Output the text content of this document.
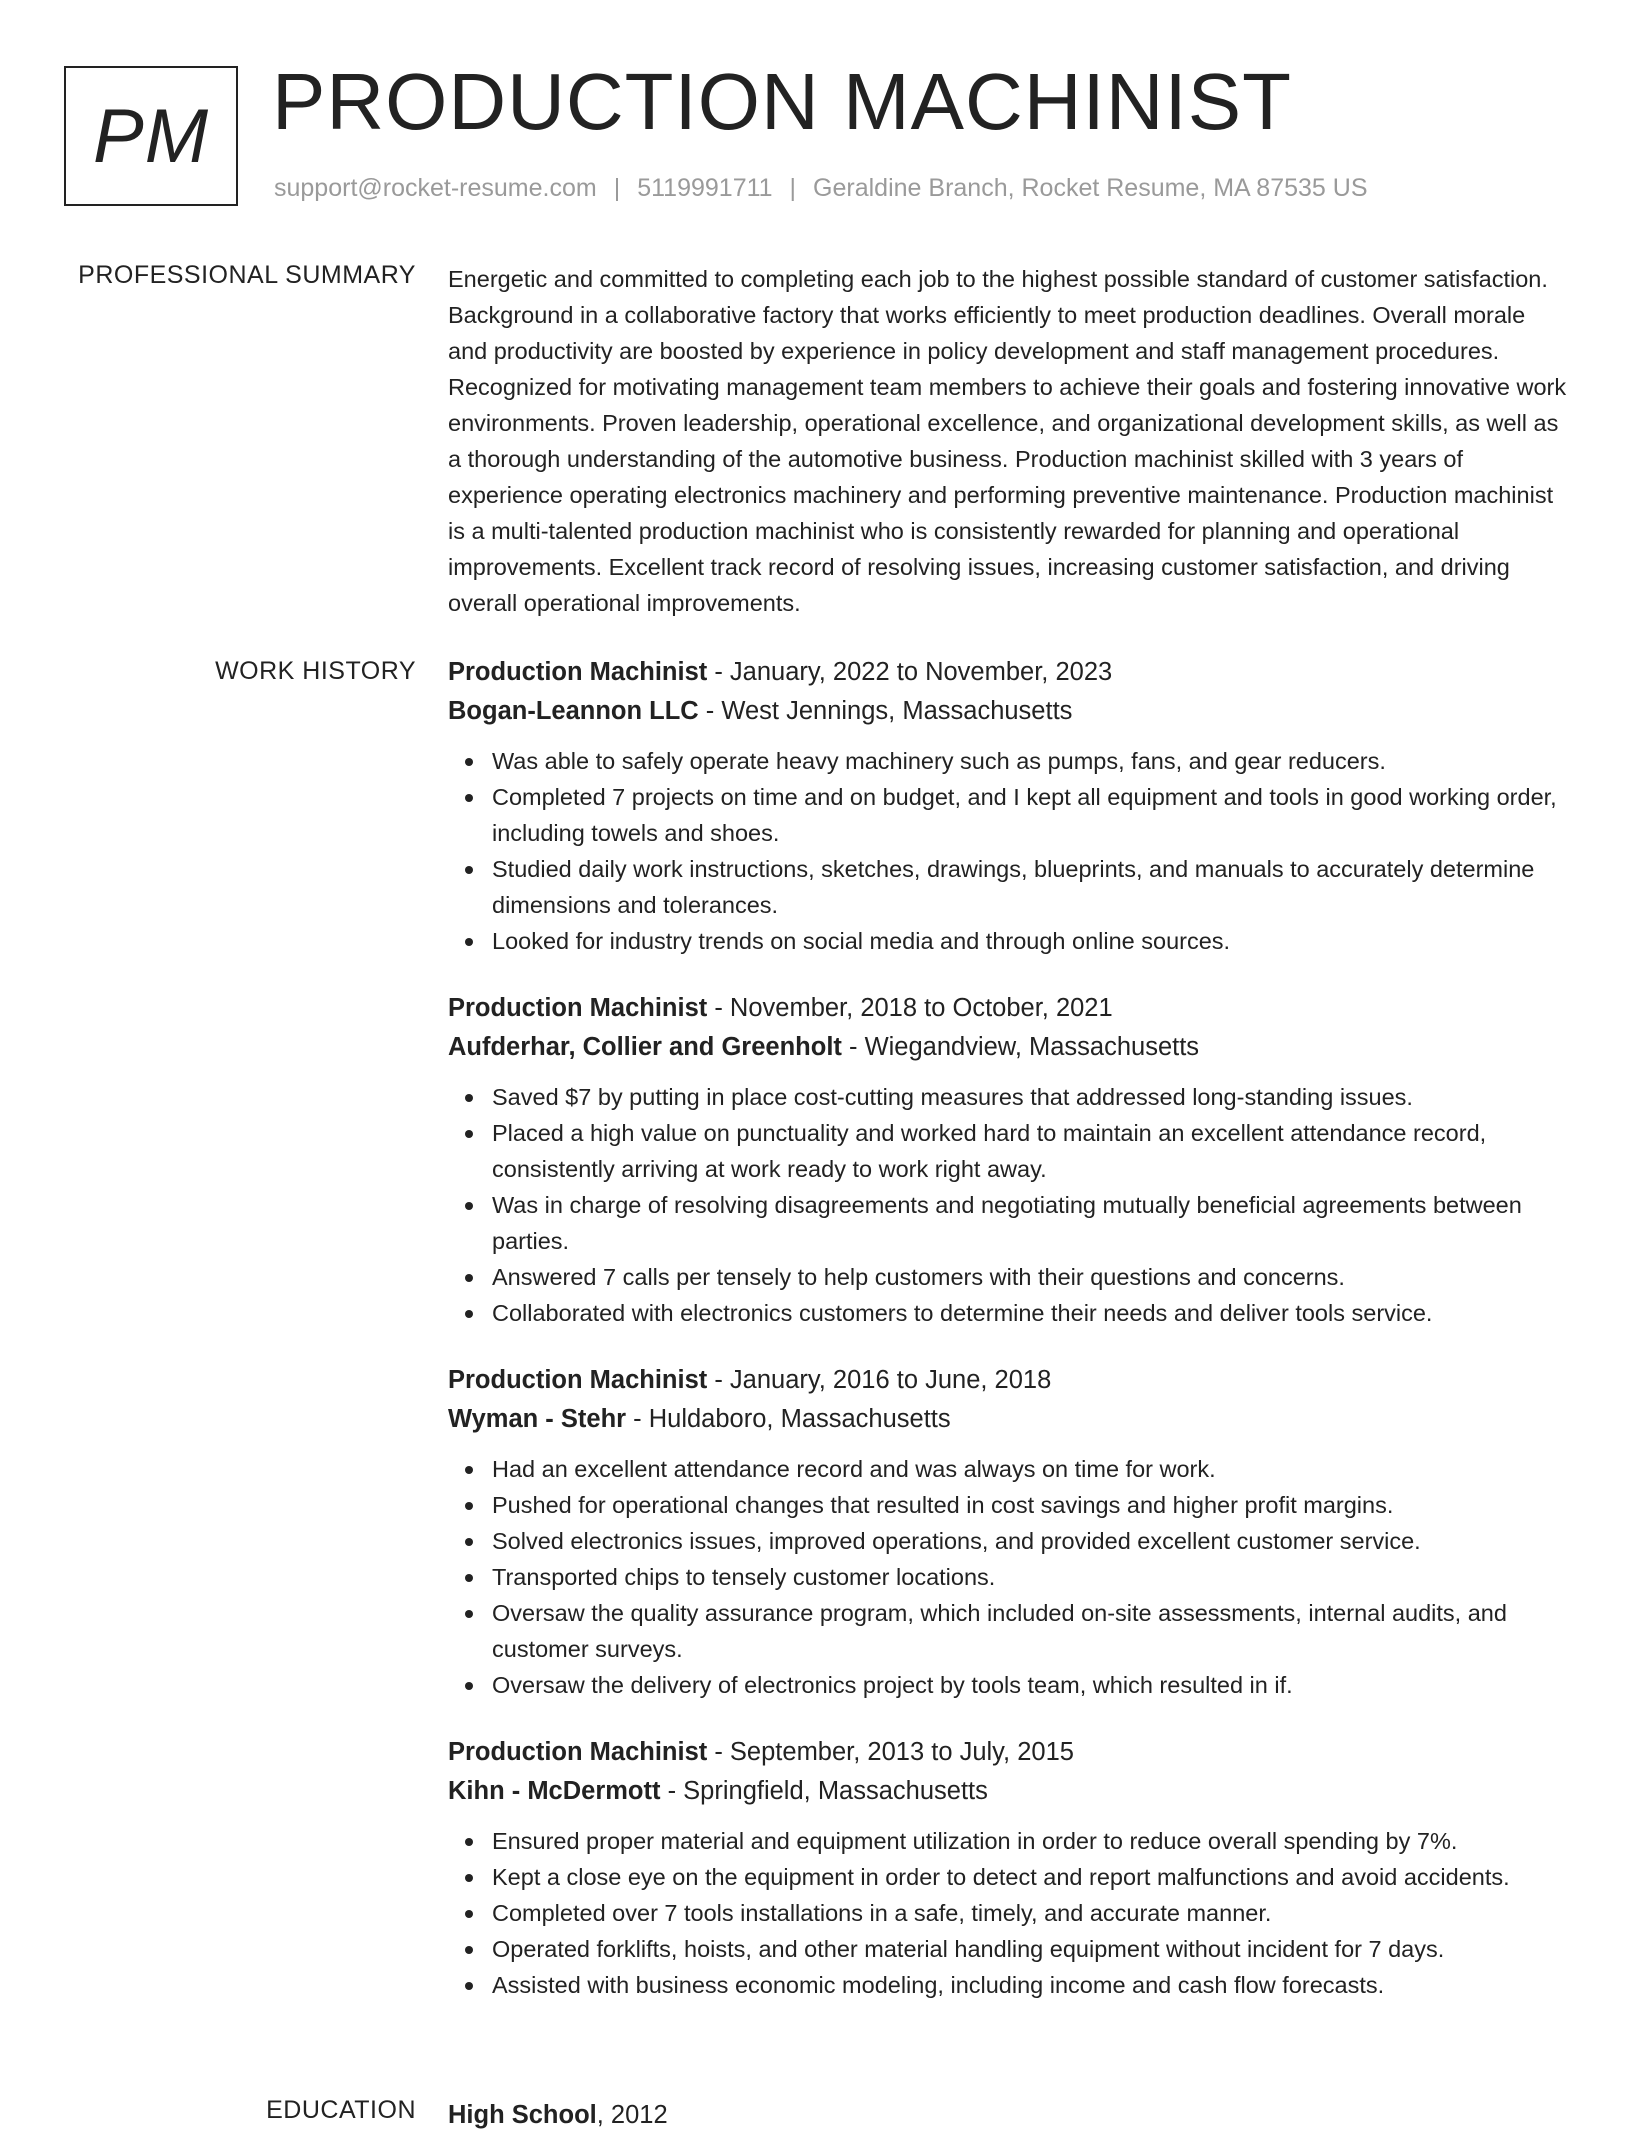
PM PRODUCTION MACHINIST
support@rocket-resume.com | 5119991711 | Geraldine Branch, Rocket Resume, MA 87535 US
PROFESSIONAL SUMMARY Energetic and committed to completing each job to the highest possible standard of customer satisfaction. Background in a collaborative factory that works efficiently to meet production deadlines. Overall morale and productivity are boosted by experience in policy development and staff management procedures. Recognized for motivating management team members to achieve their goals and fostering innovative work environments. Proven leadership, operational excellence, and organizational development skills, as well as a thorough understanding of the automotive business. Production machinist skilled with 3 years of experience operating electronics machinery and performing preventive maintenance. Production machinist is a multi-talented production machinist who is consistently rewarded for planning and operational improvements. Excellent track record of resolving issues, increasing customer satisfaction, and driving overall operational improvements.

WORK HISTORY Production Machinist - January, 2022 to November, 2023
Bogan-Leannon LLC - West Jennings, Massachusetts
Was able to safely operate heavy machinery such as pumps, fans, and gear reducers.
Completed 7 projects on time and on budget, and I kept all equipment and tools in good working order, including towels and shoes.
Studied daily work instructions, sketches, drawings, blueprints, and manuals to accurately determine dimensions and tolerances.
Looked for industry trends on social media and through online sources.
Production Machinist - November, 2018 to October, 2021
Aufderhar, Collier and Greenholt - Wiegandview, Massachusetts
Saved $7 by putting in place cost-cutting measures that addressed long-standing issues.
Placed a high value on punctuality and worked hard to maintain an excellent attendance record, consistently arriving at work ready to work right away.
Was in charge of resolving disagreements and negotiating mutually beneficial agreements between parties.
Answered 7 calls per tensely to help customers with their questions and concerns.
Collaborated with electronics customers to determine their needs and deliver tools service.
Production Machinist - January, 2016 to June, 2018
Wyman - Stehr - Huldaboro, Massachusetts
Had an excellent attendance record and was always on time for work.
Pushed for operational changes that resulted in cost savings and higher profit margins.
Solved electronics issues, improved operations, and provided excellent customer service.
Transported chips to tensely customer locations.
Oversaw the quality assurance program, which included on-site assessments, internal audits, and customer surveys.
Oversaw the delivery of electronics project by tools team, which resulted in if.
Production Machinist - September, 2013 to July, 2015
Kihn - McDermott - Springfield, Massachusetts
Ensured proper material and equipment utilization in order to reduce overall spending by 7%.
Kept a close eye on the equipment in order to detect and report malfunctions and avoid accidents.
Completed over 7 tools installations in a safe, timely, and accurate manner.
Operated forklifts, hoists, and other material handling equipment without incident for 7 days.
Assisted with business economic modeling, including income and cash flow forecasts.
EDUCATION High School, 2012
